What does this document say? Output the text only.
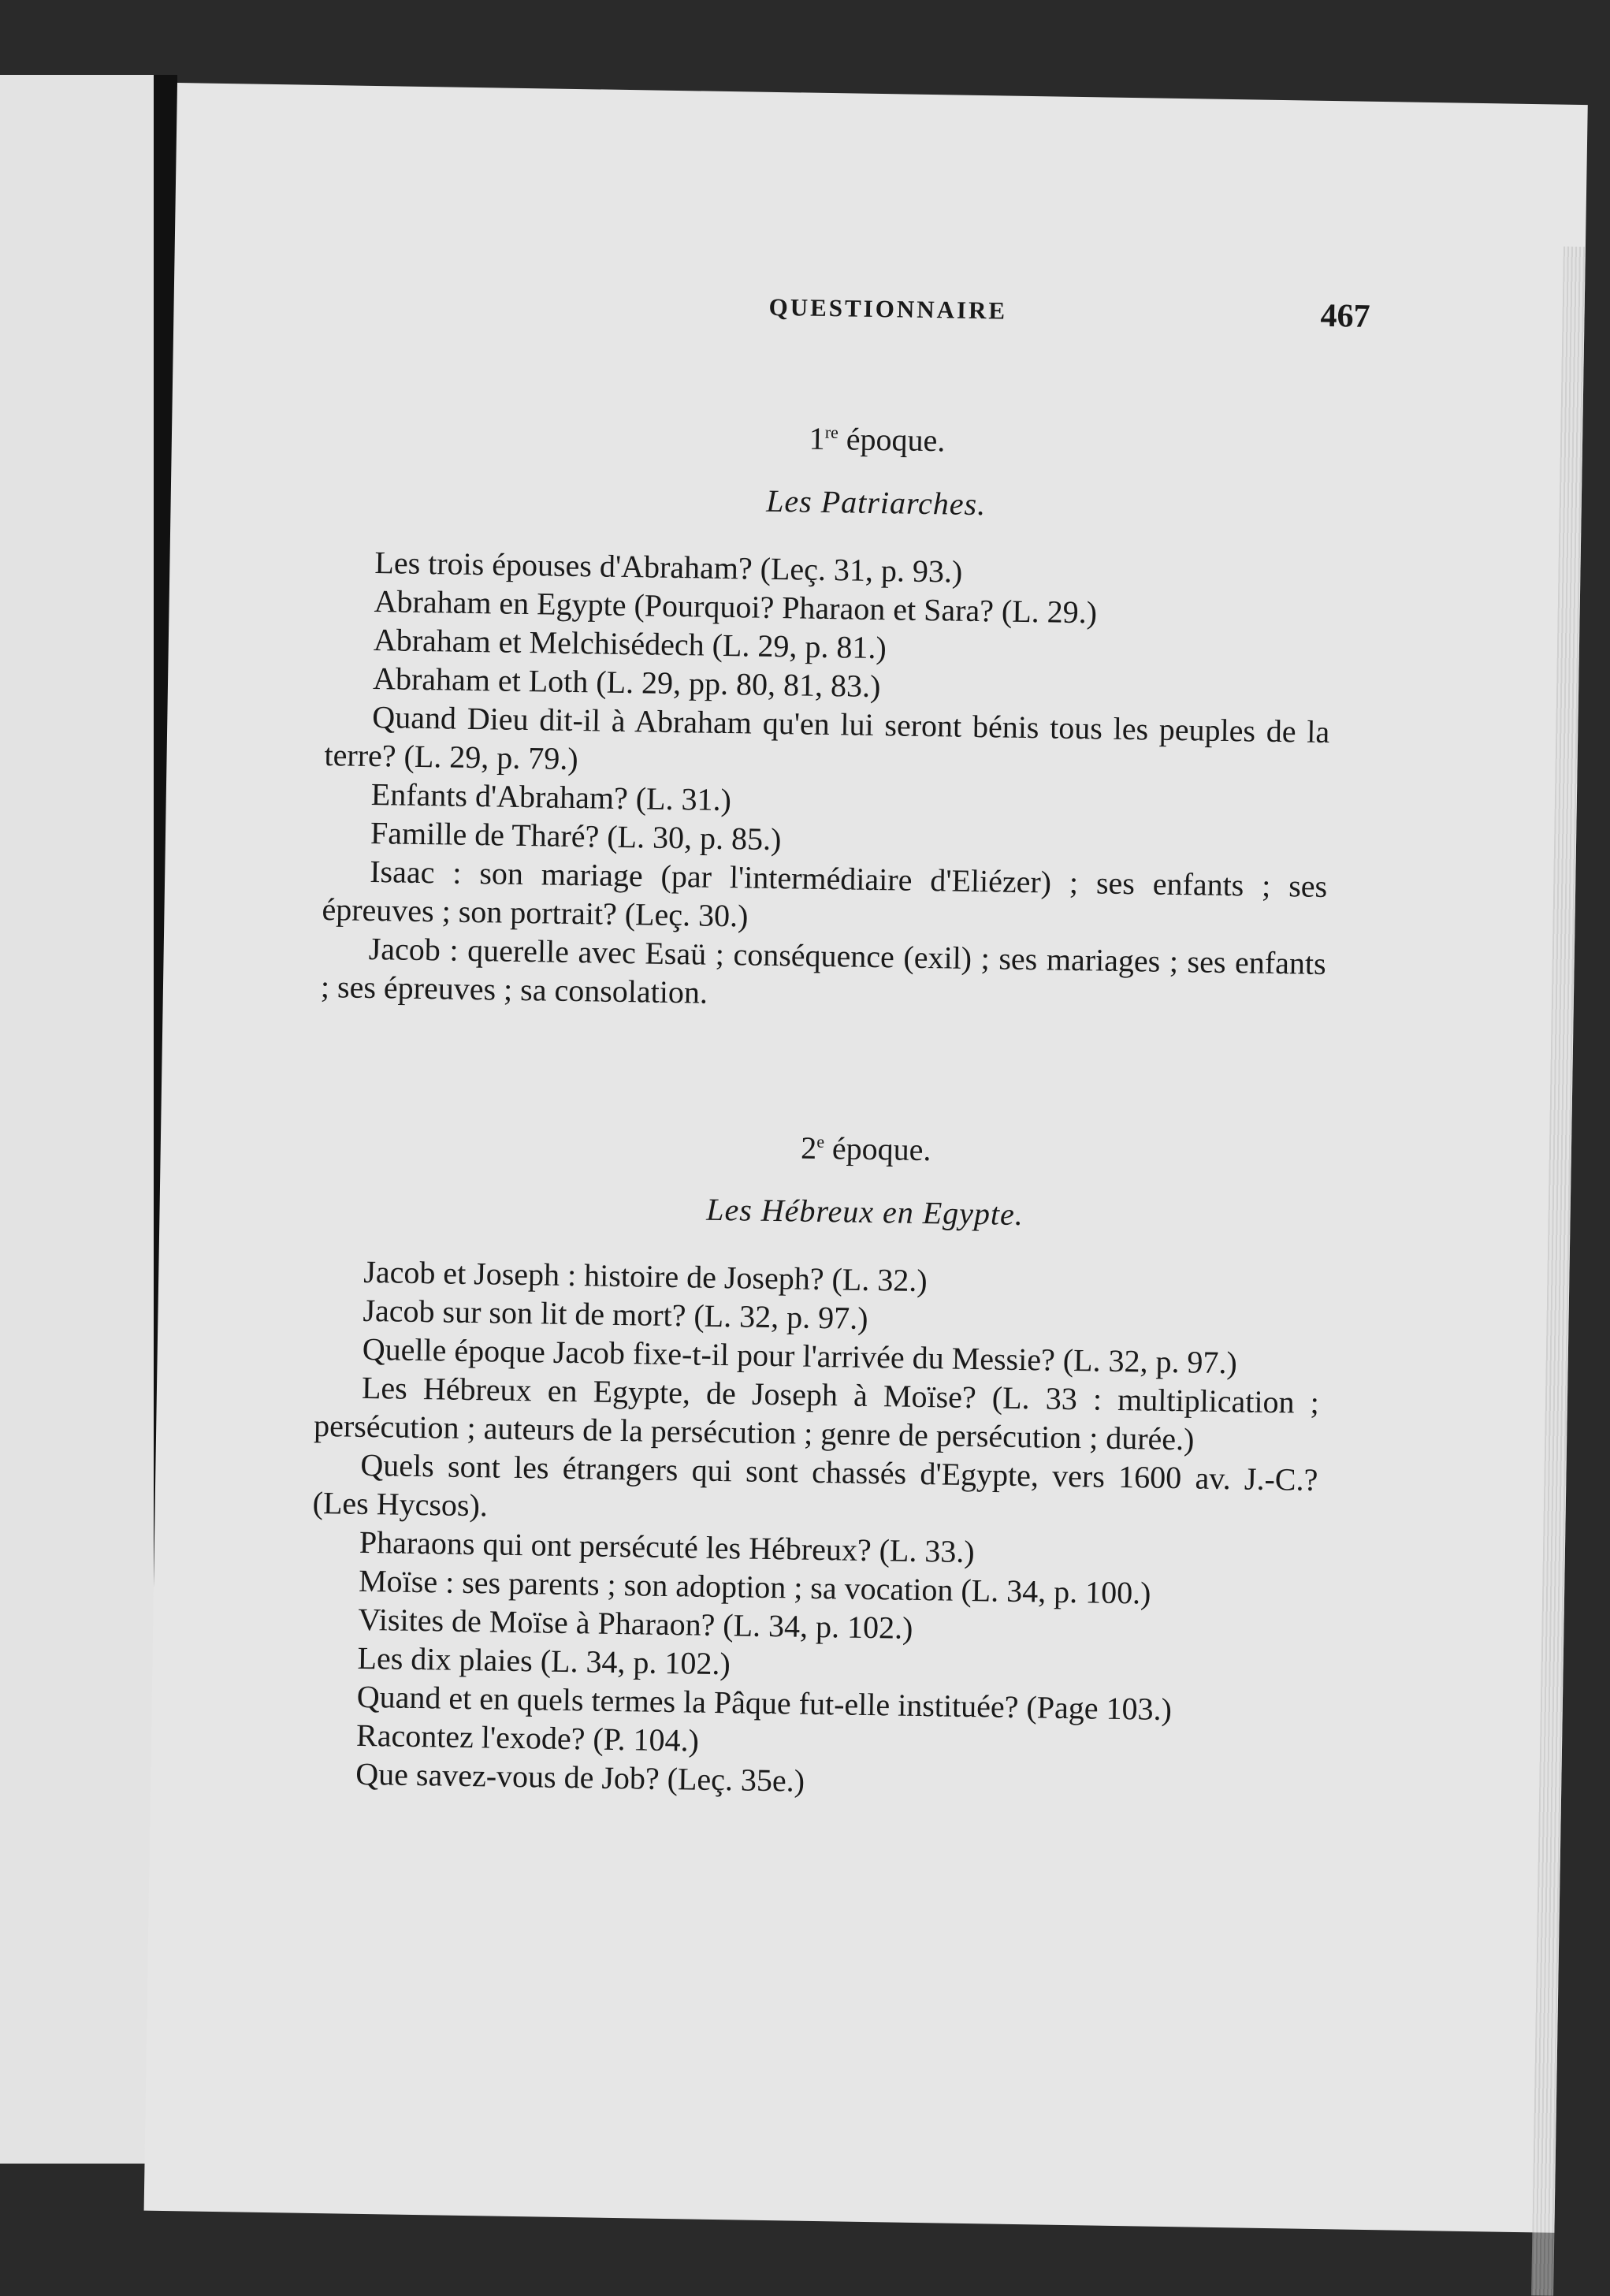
QUESTIONNAIRE	467
1re époque.
Les Patriarches.

Les trois épouses d'Abraham? (Leç. 31, p. 93.)

Abraham en Egypte (Pourquoi? Pharaon et Sara? (L. 29.)

Abraham et Melchisédech (L. 29, p. 81.)

Abraham et Loth (L. 29, pp. 80, 81, 83.)

Quand Dieu dit-il à Abraham qu'en lui seront bénis tous les peuples de la terre? (L. 29, p. 79.)

Enfants d'Abraham? (L. 31.)

Famille de Tharé? (L. 30, p. 85.)

Isaac : son mariage (par l'intermédiaire d'Eliézer) ; ses enfants ; ses épreuves ; son portrait? (Leç. 30.)

Jacob : querelle avec Esaü ; conséquence (exil) ; ses mariages ; ses enfants ; ses épreuves ; sa consolation.

2e époque.
Les Hébreux en Egypte.

Jacob et Joseph : histoire de Joseph? (L. 32.)

Jacob sur son lit de mort? (L. 32, p. 97.)

Quelle époque Jacob fixe-t-il pour l'arrivée du Messie? (L. 32, p. 97.)

Les Hébreux en Egypte, de Joseph à Moïse? (L. 33 : multiplication ; persécution ; auteurs de la persécution ; genre de persécution ; durée.)

Quels sont les étrangers qui sont chassés d'Egypte, vers 1600 av. J.-C.? (Les Hycsos).

Pharaons qui ont persécuté les Hébreux? (L. 33.)

Moïse : ses parents ; son adoption ; sa vocation (L. 34, p. 100.)

Visites de Moïse à Pharaon? (L. 34, p. 102.)

Les dix plaies (L. 34, p. 102.)

Quand et en quels termes la Pâque fut-elle instituée? (Page 103.)

Racontez l'exode? (P. 104.)

Que savez-vous de Job? (Leç. 35e.)
